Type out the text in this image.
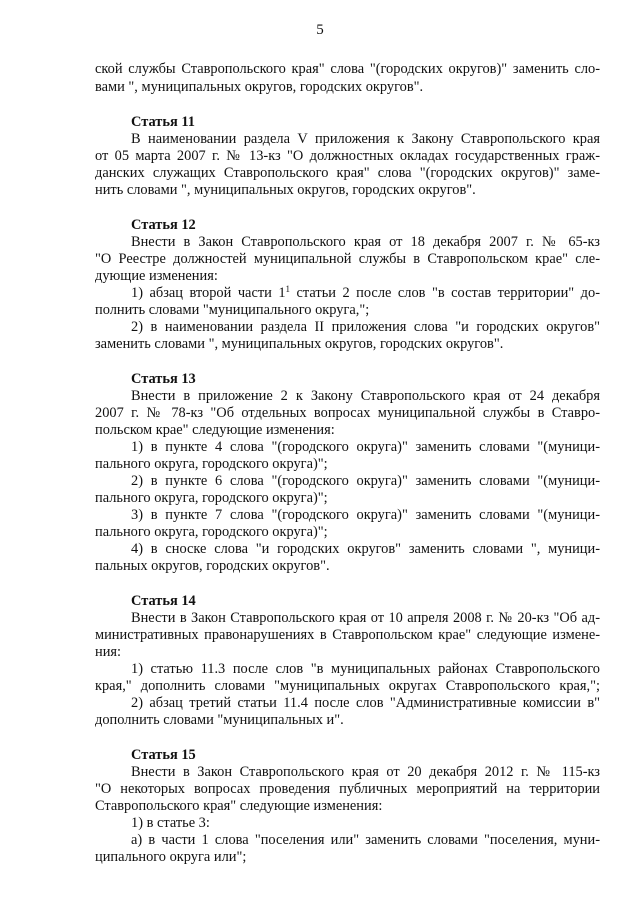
5
ской службы Ставропольского края" слова "(городских округов)" заменить сло-
вами ", муниципальных округов, городских округов".
Статья 11
В наименовании раздела V приложения к Закону Ставропольского края
от 05 марта 2007 г. № 13-кз "О должностных окладах государственных граж-
данских служащих Ставропольского края" слова "(городских округов)" заме-
нить словами ", муниципальных округов, городских округов".
Статья 12
Внести в Закон Ставропольского края от 18 декабря 2007 г. № 65-кз
"О Реестре должностей муниципальной службы в Ставропольском крае" сле-
дующие изменения:
1) абзац второй части $1^1$ статьи 2 после слов "в состав территории" до-
полнить словами "муниципального округа,";
2) в наименовании раздела II приложения слова "и городских округов"
заменить словами ", муниципальных округов, городских округов".
Статья 13
Внести в приложение 2 к Закону Ставропольского края от 24 декабря
2007 г. № 78-кз "Об отдельных вопросах муниципальной службы в Ставро-
польском крае" следующие изменения:
1) в пункте 4 слова "(городского округа)" заменить словами "(муници-
пального округа, городского округа)";
2) в пункте 6 слова "(городского округа)" заменить словами "(муници-
пального округа, городского округа)";
3) в пункте 7 слова "(городского округа)" заменить словами "(муници-
пального округа, городского округа)";
4) в сноске слова "и городских округов" заменить словами ", муници-
пальных округов, городских округов".
Статья 14
Внести в Закон Ставропольского края от 10 апреля 2008 г. № 20-кз "Об ад-
министративных правонарушениях в Ставропольском крае" следующие измене-
ния:
1) статью 11.3 после слов "в муниципальных районах Ставропольского
края," дополнить словами "муниципальных округах Ставропольского края,";
2) абзац третий статьи 11.4 после слов "Административные комиссии в"
дополнить словами "муниципальных и".
Статья 15
Внести в Закон Ставропольского края от 20 декабря 2012 г. № 115-кз
"О некоторых вопросах проведения публичных мероприятий на территории
Ставропольского края" следующие изменения:
1) в статье 3:
а) в части 1 слова "поселения или" заменить словами "поселения, муни-
ципального округа или";
